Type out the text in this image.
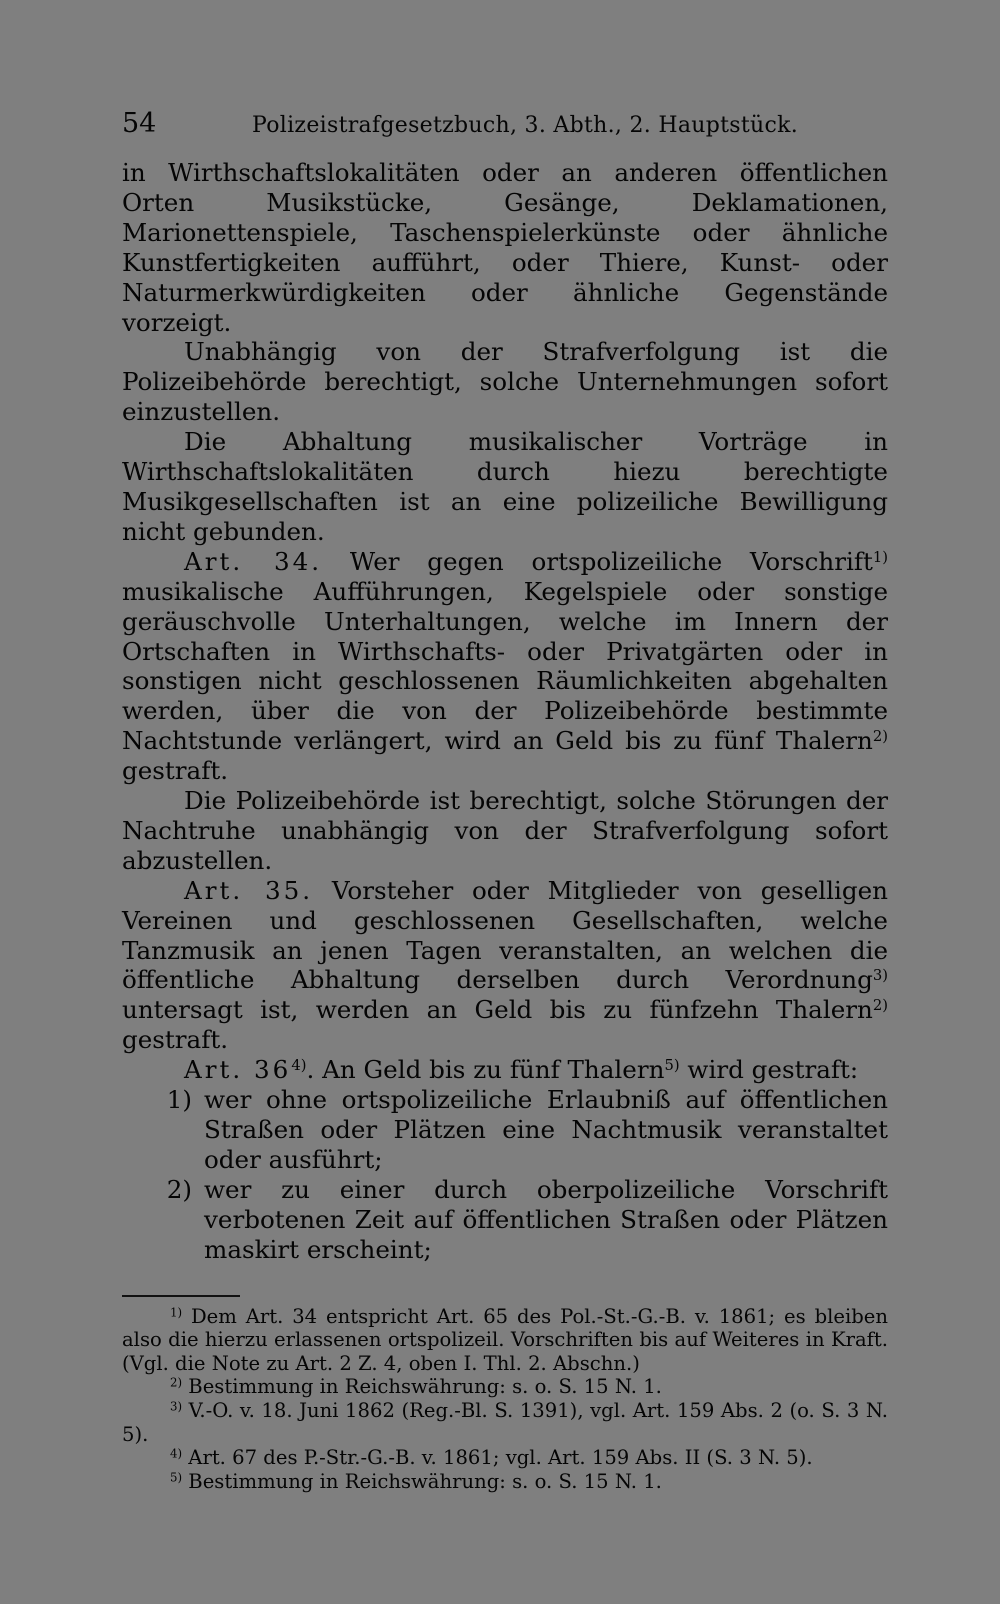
54	Polizeistrafgesetzbuch, 3. Abth., 2. Hauptstück.

in Wirthschaftslokalitäten oder an anderen öffentlichen Orten Musikstücke, Gesänge, Deklamationen, Marionettenspiele, Taschenspielerkünste oder ähnliche Kunstfertigkeiten aufführt, oder Thiere, Kunst- oder Naturmerkwürdigkeiten oder ähnliche Gegenstände vorzeigt.

Unabhängig von der Strafverfolgung ist die Polizeibehörde berechtigt, solche Unternehmungen sofort einzustellen.

Die Abhaltung musikalischer Vorträge in Wirthschaftslokalitäten durch hiezu berechtigte Musikgesellschaften ist an eine polizeiliche Bewilligung nicht gebunden.

Art. 34. Wer gegen ortspolizeiliche Vorschrift$^{1)}$ musikalische Aufführungen, Kegelspiele oder sonstige geräuschvolle Unterhaltungen, welche im Innern der Ortschaften in Wirthschafts- oder Privatgärten oder in sonstigen nicht geschlossenen Räumlichkeiten abgehalten werden, über die von der Polizeibehörde bestimmte Nachtstunde verlängert, wird an Geld bis zu fünf Thalern$^{2)}$ gestraft.

Die Polizeibehörde ist berechtigt, solche Störungen der Nachtruhe unabhängig von der Strafverfolgung sofort abzustellen.

Art. 35. Vorsteher oder Mitglieder von geselligen Vereinen und geschlossenen Gesellschaften, welche Tanzmusik an jenen Tagen veranstalten, an welchen die öffentliche Abhaltung derselben durch Verordnung$^{3)}$ untersagt ist, werden an Geld bis zu fünfzehn Thalern$^{2)}$ gestraft.

Art. 36$^{4)}$. An Geld bis zu fünf Thalern$^{5)}$ wird gestraft:

1) wer ohne ortspolizeiliche Erlaubniß auf öffentlichen Straßen oder Plätzen eine Nachtmusik veranstaltet oder ausführt;
2) wer zu einer durch oberpolizeiliche Vorschrift verbotenen Zeit auf öffentlichen Straßen oder Plätzen maskirt erscheint;

$^{1)}$ Dem Art. 34 entspricht Art. 65 des Pol.-St.-G.-B. v. 1861; es bleiben also die hierzu erlassenen ortspolizeil. Vorschriften bis auf Weiteres in Kraft. (Vgl. die Note zu Art. 2 Z. 4, oben I. Thl. 2. Abschn.)

$^{2)}$ Bestimmung in Reichswährung: s. o. S. 15 N. 1.

$^{3)}$ V.-O. v. 18. Juni 1862 (Reg.-Bl. S. 1391), vgl. Art. 159 Abs. 2 (o. S. 3 N. 5).

$^{4)}$ Art. 67 des P.-Str.-G.-B. v. 1861; vgl. Art. 159 Abs. II (S. 3 N. 5).

$^{5)}$ Bestimmung in Reichswährung: s. o. S. 15 N. 1.
